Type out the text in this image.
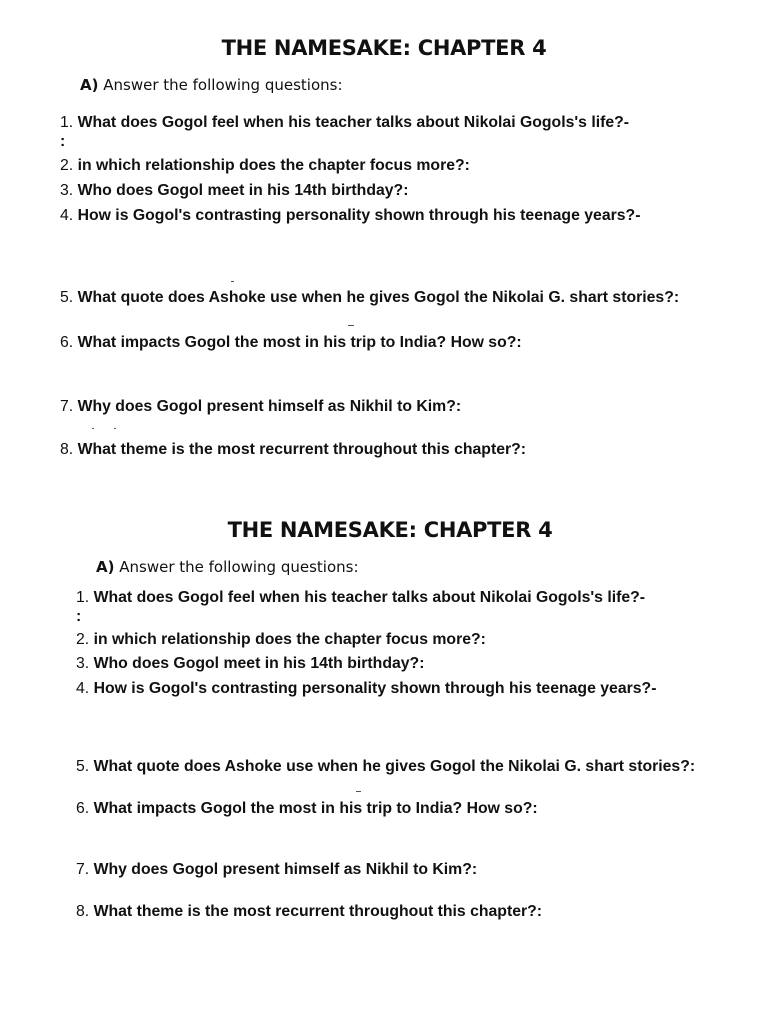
THE NAMESAKE: CHAPTER 4

A) Answer the following questions:

1. What does Gogol feel when his teacher talks about Nikolai Gogols's life?-
:

2. in which relationship does the chapter focus more?:

3. Who does Gogol meet in his 14th birthday?:

4. How is Gogol's contrasting personality shown through his teenage years?-

5. What quote does Ashoke use when he gives Gogol the Nikolai G. shart stories?:

6. What impacts Gogol the most in his trip to India? How so?:

7. Why does Gogol present himself as Nikhil to Kim?:

8. What theme is the most recurrent throughout this chapter?:

THE NAMESAKE: CHAPTER 4

A) Answer the following questions:

1. What does Gogol feel when his teacher talks about Nikolai Gogols's life?-
:

2. in which relationship does the chapter focus more?:

3. Who does Gogol meet in his 14th birthday?:

4. How is Gogol's contrasting personality shown through his teenage years?-

5. What quote does Ashoke use when he gives Gogol the Nikolai G. shart stories?:

6. What impacts Gogol the most in his trip to India? How so?:

7. Why does Gogol present himself as Nikhil to Kim?:

8. What theme is the most recurrent throughout this chapter?:
